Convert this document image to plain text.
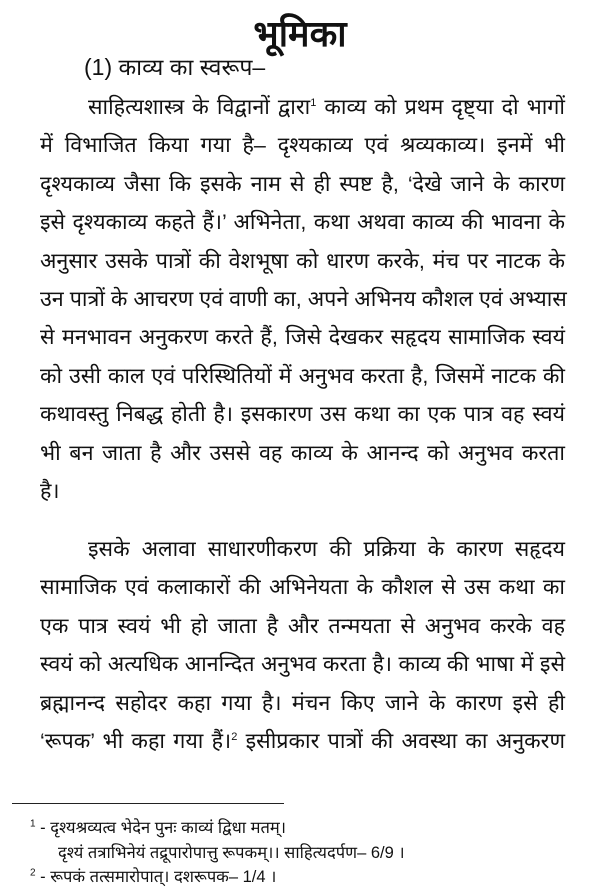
भूमिका
(1) काव्य का स्वरूप–
साहित्यशास्त्र के विद्वानों द्वारा$^1$ काव्य को प्रथम दृष्ट्या दो भागों
में विभाजित किया गया है– दृश्यकाव्य एवं श्रव्यकाव्य। इनमें भी
दृश्यकाव्य जैसा कि इसके नाम से ही स्पष्ट है, ‘देखे जाने के कारण
इसे दृश्यकाव्य कहते हैं।’ अभिनेता, कथा अथवा काव्य की भावना के
अनुसार उसके पात्रों की वेशभूषा को धारण करके, मंच पर नाटक के
उन पात्रों के आचरण एवं वाणी का, अपने अभिनय कौशल एवं अभ्यास
से मनभावन अनुकरण करते हैं, जिसे देखकर सहृदय सामाजिक स्वयं
को उसी काल एवं परिस्थितियों में अनुभव करता है, जिसमें नाटक की
कथावस्तु निबद्ध होती है। इसकारण उस कथा का एक पात्र वह स्वयं
भी बन जाता है और उससे वह काव्य के आनन्द को अनुभव करता
है।
इसके अलावा साधारणीकरण की प्रक्रिया के कारण सहृदय
सामाजिक एवं कलाकारों की अभिनेयता के कौशल से उस कथा का
एक पात्र स्वयं भी हो जाता है और तन्मयता से अनुभव करके वह
स्वयं को अत्यधिक आनन्दित अनुभव करता है। काव्य की भाषा में इसे
ब्रह्मानन्द सहोदर कहा गया है। मंचन किए जाने के कारण इसे ही
‘रूपक’ भी कहा गया हैं।$^2$ इसीप्रकार पात्रों की अवस्था का अनुकरण
$^1$ - दृश्यश्रव्यत्व भेदेन पुनः काव्यं द्विधा मतम्।
दृश्यं तत्राभिनेयं तद्रूपारोपात्तु रूपकम्।। साहित्यदर्पण– 6/9 ।
$^2$ - रूपकं तत्समारोपात्। दशरूपक– 1/4 ।
